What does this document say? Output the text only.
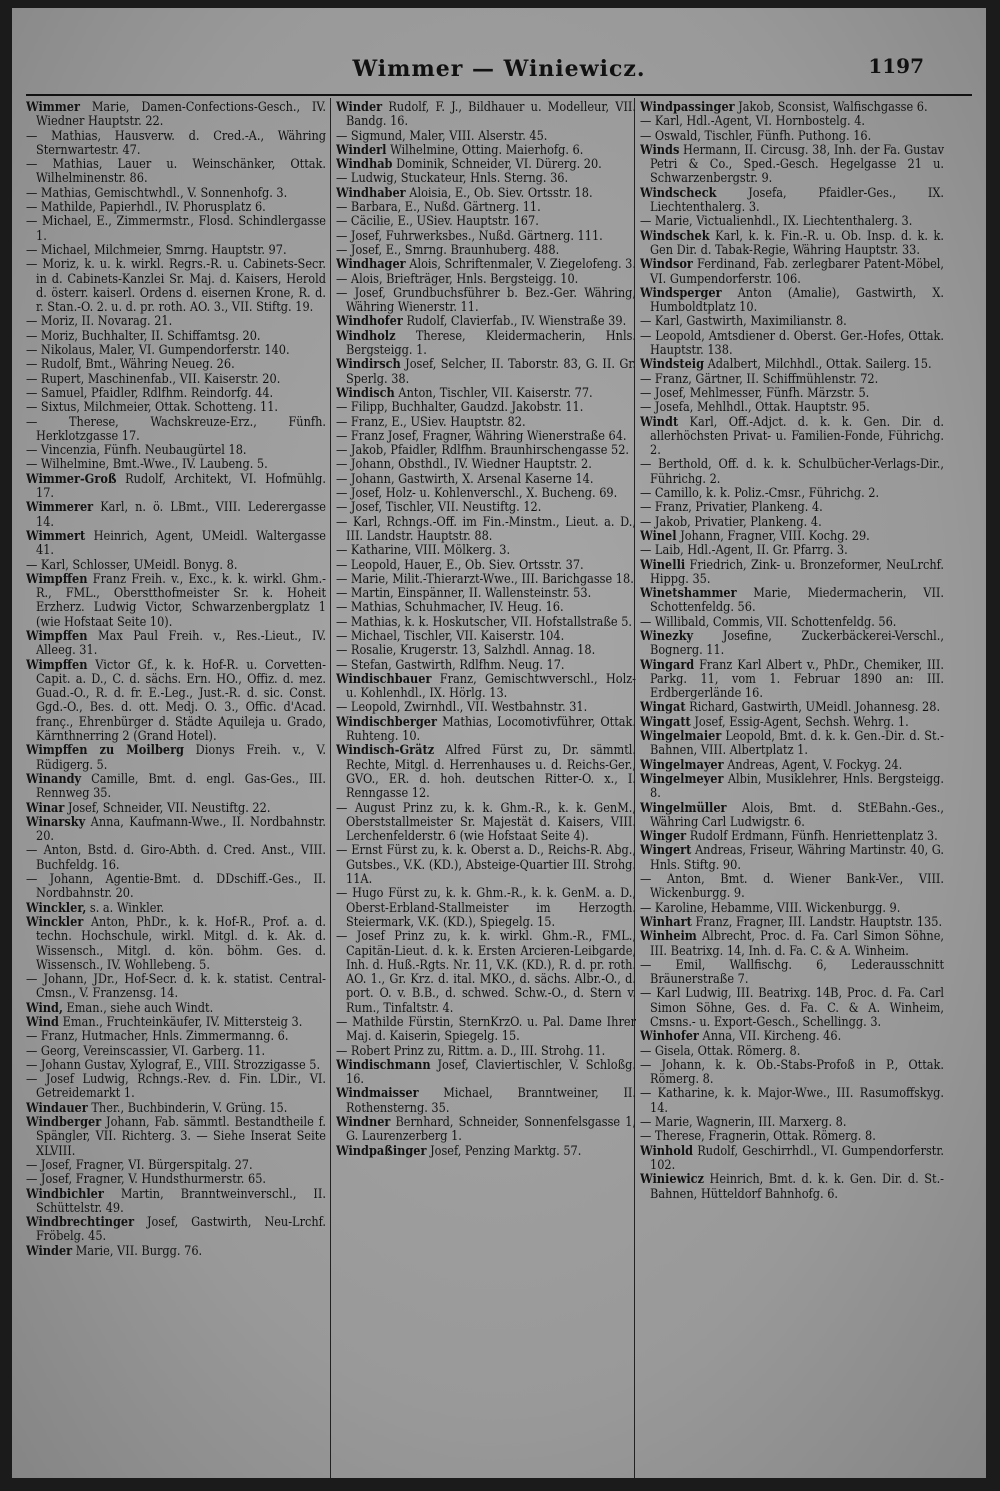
Wimmer — Winiewicz.	1197
Wimmer Marie, Damen-Confections-Gesch., IV. Wiedner Hauptstr. 22.
— Mathias, Hausverw. d. Cred.-A., Währing Sternwartestr. 47.
— Mathias, Lauer u. Weinschänker, Ottak. Wilhelminenstr. 86.
— Mathias, Gemischtwhdl., V. Sonnenhofg. 3.
— Mathilde, Papierhdl., IV. Phorusplatz 6.
— Michael, E., Zimmermstr., Flosd. Schindlergasse 1.
— Michael, Milchmeier, Smrng. Hauptstr. 97.
— Moriz, k. u. k. wirkl. Regrs.-R. u. Cabinets-Secr. in d. Cabinets-Kanzlei Sr. Maj. d. Kaisers, Herold d. österr. kaiserl. Ordens d. eisernen Krone, R. d. r. Stan.-O. 2. u. d. pr. roth. AO. 3., VII. Stiftg. 19.
— Moriz, II. Novarag. 21.
— Moriz, Buchhalter, II. Schiffamtsg. 20.
— Nikolaus, Maler, VI. Gumpendorferstr. 140.
— Rudolf, Bmt., Währing Neueg. 26.
— Rupert, Maschinenfab., VII. Kaiserstr. 20.
— Samuel, Pfaidler, Rdlfhm. Reindorfg. 44.
— Sixtus, Milchmeier, Ottak. Schotteng. 11.
— Therese, Wachskreuze-Erz., Fünfh. Herklotzgasse 17.
— Vincenzia, Fünfh. Neubaugürtel 18.
— Wilhelmine, Bmt.-Wwe., IV. Laubeng. 5.
Wimmer-Groß Rudolf, Architekt, VI. Hofmühlg. 17.
Wimmerer Karl, n. ö. LBmt., VIII. Lederergasse 14.
Wimmert Heinrich, Agent, UMeidl. Waltergasse 41.
— Karl, Schlosser, UMeidl. Bonyg. 8.
Wimpffen Franz Freih. v., Exc., k. k. wirkl. Ghm.-R., FML., Oberstthofmeister Sr. k. Hoheit Erzherz. Ludwig Victor, Schwarzenbergplatz 1 (wie Hofstaat Seite 10).
Wimpffen Max Paul Freih. v., Res.-Lieut., IV. Alleeg. 31.
Wimpffen Victor Gf., k. k. Hof-R. u. Corvetten-Capit. a. D., C. d. sächs. Ern. HO., Offiz. d. mez. Guad.-O., R. d. fr. E.-Leg., Just.-R. d. sic. Const. Ggd.-O., Bes. d. ott. Medj. O. 3., Offic. d'Acad. franç., Ehrenbürger d. Städte Aquileja u. Grado, Kärnthnerring 2 (Grand Hotel).
Wimpffen zu Moilberg Dionys Freih. v., V. Rüdigerg. 5.
Winandy Camille, Bmt. d. engl. Gas-Ges., III. Rennweg 35.
Winar Josef, Schneider, VII. Neustiftg. 22.
Winarsky Anna, Kaufmann-Wwe., II. Nordbahnstr. 20.
— Anton, Bstd. d. Giro-Abth. d. Cred. Anst., VIII. Buchfeldg. 16.
— Johann, Agentie-Bmt. d. DDschiff.-Ges., II. Nordbahnstr. 20.
Winckler, s. a. Winkler.
Winckler Anton, PhDr., k. k. Hof-R., Prof. a. d. techn. Hochschule, wirkl. Mitgl. d. k. Ak. d. Wissensch., Mitgl. d. kön. böhm. Ges. d. Wissensch., IV. Wohllebeng. 5.
— Johann, JDr., Hof-Secr. d. k. k. statist. Central-Cmsn., V. Franzensg. 14.
Wind, Eman., siehe auch Windt.
Wind Eman., Fruchteinkäufer, IV. Mittersteig 3.
— Franz, Hutmacher, Hnls. Zimmermanng. 6.
— Georg, Vereinscassier, VI. Garberg. 11.
— Johann Gustav, Xylograf, E., VIII. Strozzigasse 5.
— Josef Ludwig, Rchngs.-Rev. d. Fin. LDir., VI. Getreidemarkt 1.
Windauer Ther., Buchbinderin, V. Grüng. 15.
Windberger Johann, Fab. sämmtl. Bestandtheile f. Spängler, VII. Richterg. 3. — Siehe Inserat Seite XLVIII.
— Josef, Fragner, VI. Bürgerspitalg. 27.
— Josef, Fragner, V. Hundsthurmerstr. 65.
Windbichler Martin, Branntweinverschl., II. Schüttelstr. 49.
Windbrechtinger Josef, Gastwirth, Neu-Lrchf. Fröbelg. 45.
Winder Marie, VII. Burgg. 76.
Winder Rudolf, F. J., Bildhauer u. Modelleur, VII. Bandg. 16.
— Sigmund, Maler, VIII. Alserstr. 45.
Winderl Wilhelmine, Otting. Maierhofg. 6.
Windhab Dominik, Schneider, VI. Dürerg. 20.
— Ludwig, Stuckateur, Hnls. Sterng. 36.
Windhaber Aloisia, E., Ob. Siev. Ortsstr. 18.
— Barbara, E., Nußd. Gärtnerg. 11.
— Cäcilie, E., USiev. Hauptstr. 167.
— Josef, Fuhrwerksbes., Nußd. Gärtnerg. 111.
— Josef, E., Smrng. Braunhuberg. 488.
Windhager Alois, Schriftenmaler, V. Ziegelofeng. 3.
— Alois, Briefträger, Hnls. Bergsteigg. 10.
— Josef, Grundbuchsführer b. Bez.-Ger. Währing, Währing Wienerstr. 11.
Windhofer Rudolf, Clavierfab., IV. Wienstraße 39.
Windholz Therese, Kleidermacherin, Hnls. Bergsteigg. 1.
Windirsch Josef, Selcher, II. Taborstr. 83, G. II. Gr. Sperlg. 38.
Windisch Anton, Tischler, VII. Kaiserstr. 77.
— Filipp, Buchhalter, Gaudzd. Jakobstr. 11.
— Franz, E., USiev. Hauptstr. 82.
— Franz Josef, Fragner, Währing Wienerstraße 64.
— Jakob, Pfaidler, Rdlfhm. Braunhirschengasse 52.
— Johann, Obsthdl., IV. Wiedner Hauptstr. 2.
— Johann, Gastwirth, X. Arsenal Kaserne 14.
— Josef, Holz- u. Kohlenverschl., X. Bucheng. 69.
— Josef, Tischler, VII. Neustiftg. 12.
— Karl, Rchngs.-Off. im Fin.-Minstm., Lieut. a. D., III. Landstr. Hauptstr. 88.
— Katharine, VIII. Mölkerg. 3.
— Leopold, Hauer, E., Ob. Siev. Ortsstr. 37.
— Marie, Milit.-Thierarzt-Wwe., III. Barichgasse 18.
— Martin, Einspänner, II. Wallensteinstr. 53.
— Mathias, Schuhmacher, IV. Heug. 16.
— Mathias, k. k. Hoskutscher, VII. Hofstallstraße 5.
— Michael, Tischler, VII. Kaiserstr. 104.
— Rosalie, Krugerstr. 13, Salzhdl. Annag. 18.
— Stefan, Gastwirth, Rdlfhm. Neug. 17.
Windischbauer Franz, Gemischtwverschl., Holz- u. Kohlenhdl., IX. Hörlg. 13.
— Leopold, Zwirnhdl., VII. Westbahnstr. 31.
Windischberger Mathias, Locomotivführer, Ottak. Ruhteng. 10.
Windisch-Grätz Alfred Fürst zu, Dr. sämmtl. Rechte, Mitgl. d. Herrenhauses u. d. Reichs-Ger., GVO., ER. d. hoh. deutschen Ritter-O. x., I. Renngasse 12.
— August Prinz zu, k. k. Ghm.-R., k. k. GenM., Oberststallmeister Sr. Majestät d. Kaisers, VIII. Lerchenfelderstr. 6 (wie Hofstaat Seite 4).
— Ernst Fürst zu, k. k. Oberst a. D., Reichs-R. Abg., Gutsbes., V.K. (KD.), Absteige-Quartier III. Strohg. 11A.
— Hugo Fürst zu, k. k. Ghm.-R., k. k. GenM. a. D., Oberst-Erbland-Stallmeister im Herzogth. Steiermark, V.K. (KD.), Spiegelg. 15.
— Josef Prinz zu, k. k. wirkl. Ghm.-R., FML., Capitän-Lieut. d. k. k. Ersten Arcieren-Leibgarde, Inh. d. Huß.-Rgts. Nr. 11, V.K. (KD.), R. d. pr. roth. AO. 1., Gr. Krz. d. ital. MKO., d. sächs. Albr.-O., d. port. O. v. B.B., d. schwed. Schw.-O., d. Stern v. Rum., Tinfaltstr. 4.
— Mathilde Fürstin, SternKrzO. u. Pal. Dame Ihrer Maj. d. Kaiserin, Spiegelg. 15.
— Robert Prinz zu, Rittm. a. D., III. Strohg. 11.
Windischmann Josef, Claviertischler, V. Schloßg. 16.
Windmaisser Michael, Branntweiner, II. Rothensterng. 35.
Windner Bernhard, Schneider, Sonnenfelsgasse 1, G. Laurenzerberg 1.
Windpaßinger Josef, Penzing Marktg. 57.
Windpassinger Jakob, Sconsist, Walfischgasse 6.
— Karl, Hdl.-Agent, VI. Hornbostelg. 4.
— Oswald, Tischler, Fünfh. Puthong. 16.
Winds Hermann, II. Circusg. 38, Inh. der Fa. Gustav Petri & Co., Sped.-Gesch. Hegelgasse 21 u. Schwarzenbergstr. 9.
Windscheck	Josefa, Pfaidler-Ges., IX. Liechtenthalerg. 3.
— Marie, Victualienhdl., IX. Liechtenthalerg. 3.
Windschek Karl, k. k. Fin.-R. u. Ob. Insp. d. k. k. Gen Dir. d. Tabak-Regie, Währing Hauptstr. 33.
Windsor Ferdinand, Fab. zerlegbarer Patent-Möbel, VI. Gumpendorferstr. 106.
Windsperger Anton (Amalie), Gastwirth, X. Humboldtplatz 10.
— Karl, Gastwirth, Maximilianstr. 8.
— Leopold, Amtsdiener d. Oberst. Ger.-Hofes, Ottak. Hauptstr. 138.
Windsteig Adalbert, Milchhdl., Ottak. Sailerg. 15.
— Franz, Gärtner, II. Schiffmühlenstr. 72.
— Josef, Mehlmesser, Fünfh. Märzstr. 5.
— Josefa, Mehlhdl., Ottak. Hauptstr. 95.
Windt Karl, Off.-Adjct. d. k. k. Gen. Dir. d. allerhöchsten Privat- u. Familien-Fonde, Führichg. 2.
— Berthold, Off. d. k. k. Schulbücher-Verlags-Dir., Führichg. 2.
— Camillo, k. k. Poliz.-Cmsr., Führichg. 2.
— Franz, Privatier, Plankeng. 4.
— Jakob, Privatier, Plankeng. 4.
Winel Johann, Fragner, VIII. Kochg. 29.
— Laib, Hdl.-Agent, II. Gr. Pfarrg. 3.
Winelli Friedrich, Zink- u. Bronzeformer, NeuLrchf. Hippg. 35.
Winetshammer Marie, Miedermacherin, VII. Schottenfeldg. 56.
— Willibald, Commis, VII. Schottenfeldg. 56.
Winezky Josefine, Zuckerbäckerei-Verschl., Bognerg. 11.
Wingard Franz Karl Albert v., PhDr., Chemiker, III. Parkg. 11, vom 1. Februar 1890 an: III. Erdbergerlände 16.
Wingat Richard, Gastwirth, UMeidl. Johannesg. 28.
Wingatt Josef, Essig-Agent, Sechsh. Wehrg. 1.
Wingelmaier Leopold, Bmt. d. k. k. Gen.-Dir. d. St.-Bahnen, VIII. Albertplatz 1.
Wingelmayer Andreas, Agent, V. Fockyg. 24.
Wingelmeyer Albin, Musiklehrer, Hnls. Bergsteigg. 8.
Wingelmüller Alois, Bmt. d. StEBahn.-Ges., Währing Carl Ludwigstr. 6.
Winger Rudolf Erdmann, Fünfh. Henriettenplatz 3.
Wingert Andreas, Friseur, Währing Martinstr. 40, G. Hnls. Stiftg. 90.
— Anton, Bmt. d. Wiener Bank-Ver., VIII. Wickenburgg. 9.
— Karoline, Hebamme, VIII. Wickenburgg. 9.
Winhart Franz, Fragner, III. Landstr. Hauptstr. 135.
Winheim Albrecht, Proc. d. Fa. Carl Simon Söhne, III. Beatrixg. 14, Inh. d. Fa. C. & A. Winheim.
— Emil, Wallfischg. 6, Lederausschnitt Bräunerstraße 7.
— Karl Ludwig, III. Beatrixg. 14B, Proc. d. Fa. Carl Simon Söhne, Ges. d. Fa. C. & A. Winheim, Cmsns.- u. Export-Gesch., Schellingg. 3.
Winhofer Anna, VII. Kircheng. 46.
— Gisela, Ottak. Römerg. 8.
— Johann, k. k. Ob.-Stabs-Profoß in P., Ottak. Römerg. 8.
— Katharine, k. k. Major-Wwe., III. Rasumoffskyg. 14.
— Marie, Wagnerin, III. Marxerg. 8.
— Therese, Fragnerin, Ottak. Römerg. 8.
Winhold Rudolf, Geschirrhdl., VI. Gumpendorferstr. 102.
Winiewicz Heinrich, Bmt. d. k. k. Gen. Dir. d. St.-Bahnen, Hütteldorf Bahnhofg. 6.
